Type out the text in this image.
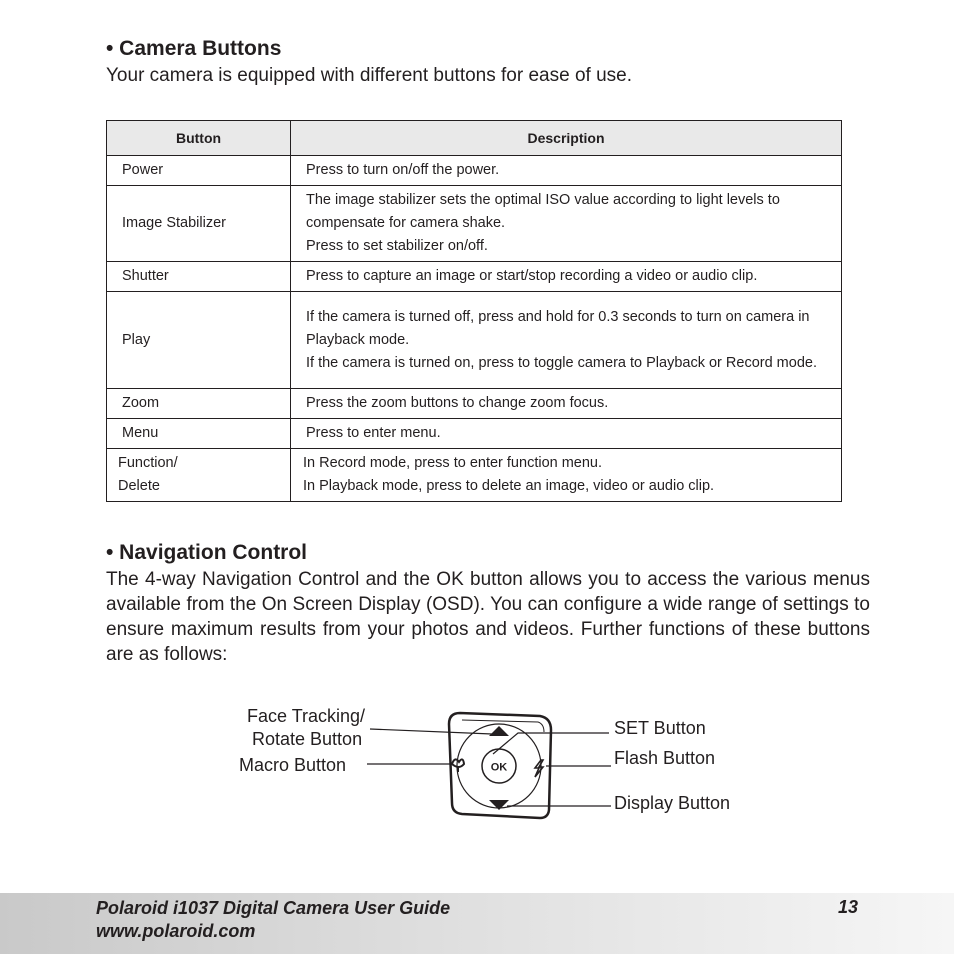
• Camera Buttons

Your camera is equipped with different buttons for ease of use.

Button	Description
Power	Press to turn on/off the power.
Image Stabilizer	The image stabilizer sets the optimal ISO value according to light levels to compensate for camera shake.
Press to set stabilizer on/off.

Shutter	Press to capture an image or start/stop recording a video or audio clip.
Play	If the camera is turned off, press and hold for 0.3 seconds to turn on camera in Playback mode.
If the camera is turned on, press to toggle camera to Playback or Record mode.

Zoom	Press the zoom buttons to change zoom focus.
Menu	Press to enter menu.
Function/ Delete	In Record mode, press to enter function menu.
In Playback mode, press to delete an image, video or audio clip.
• Navigation Control

The 4-way Navigation Control and the OK button allows you to access the various menus available from the On Screen Display (OSD). You can configure a wide range of settings to ensure maximum results from your photos and videos. Further functions of these buttons are as follows:

OK
Face Tracking/
Rotate Button
Macro Button
SET Button
Flash Button
Display Button
Polaroid i1037 Digital Camera User Guide
www.polaroid.com
13
